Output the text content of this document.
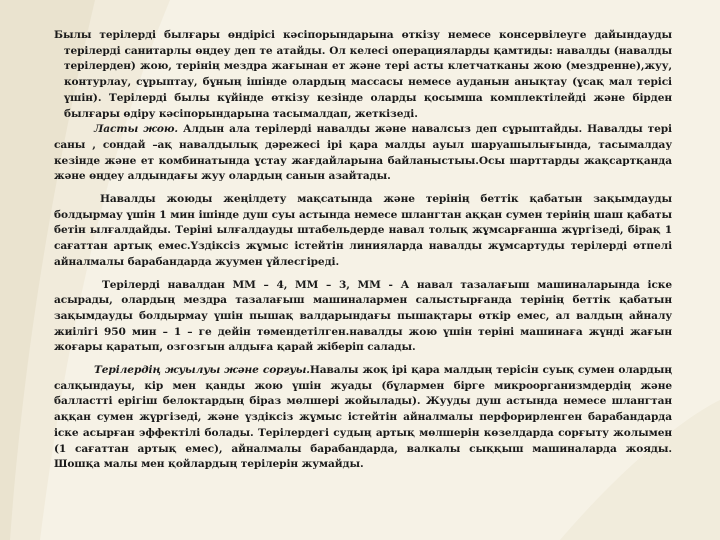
Былы терiлердi былғары өндiрiсi кәсiпорындарына өткiзу немесе консервiлеуге дайындауды терiлердi санитарлы өңдеу деп те атайды. Ол келесi операцияларды қамтиды: навалды (навалды терiлерден) жою, терiнiң мездра жағынан ет және терi асты клетчатканы жою (мездренне),жуу, контурлау, сұрыптау, бұның iшiнде олардың массасы немесе ауданын анықтау (ұсақ мал терiсi үшiн). Терiлердi былы күйiнде өткiзу кезiнде оларды қосымша комплектiлейдi және бiрден былғары өдiру кәсiпорындарына тасымалдап, жеткiзедi.

Ласты жою. Алдын ала терiлердi навалды және навалсыз деп сұрыптайды. Навалды терi саны , сондай –ақ навалдылық дәрежесi iрi қара малды ауыл шаруашылығында, тасымалдау кезiнде және ет комбинатында ұстау жағдайларына байланыстыы.Осы шарттарды жақсартқанда және өңдеу алдындағы жуу олардың санын азайтады.

Навалды жоюды жеңiлдету мақсатында және терiнiң беттiк қабатын зақымдауды болдырмау үшiн 1 мин iшiнде душ суы астында немесе шлангтан аққан сумен терiнiң шаш қабаты бетiн ылғалдайды. Терiнi ылғалдауды штабельдерде навал толық жұмсарғанша жүргiзедi, бiрақ 1 сағаттан артық емес.Үздiксiз жұмыс iстейтiн линияларда навалды жұмсартуды терiлердi өтпелi айналмалы барабандарда жуумен үйлесгiредi.

Терiлердi навалдан ММ – 4, ММ – 3, ММ - А навал тазалағыш машиналарында iске асырады, олардың мездра тазалағыш машиналармен салыстырғанда терiнiң беттiк қабатын зақымдауды болдырмау үшiн пышақ валдарындағы пышақтары өткiр емес, ал валдың айналу жиiлiгi 950 мин – 1 – ге дейiн төмендетiлген.навалды жою үшiн терiнi машинаға жүндi жағын жоғары қаратып, озгозгын алдыға қарай жiберiп салады.

Терiлердiң жуылуы және сорғуы.Навалы жоқ iрi қара малдың терiсiн суық сумен олардың салқындауы, кiр мен қанды жою үшiн жуады (бұлармен бiрге микроорганизмдердiң және балласттi ерiгiш белоктардың бiраз мөлшерi жойылады). Жууды душ астында немесе шлангтан аққан сумен жүргiзедi, және үздiксiз жұмыс iстейтiн айналмалы перфорирленген барабандарда iске асырған эффектiлi болады. Терiлердегi судың артық мөлшерiн көзелдарда сорғыту жолымен (1 сағаттан артық емес), айналмалы барабандарда, валкалы сыққыш машиналарда жояды. Шошқа малы мен қойлардың терiлерiн жумайды.
